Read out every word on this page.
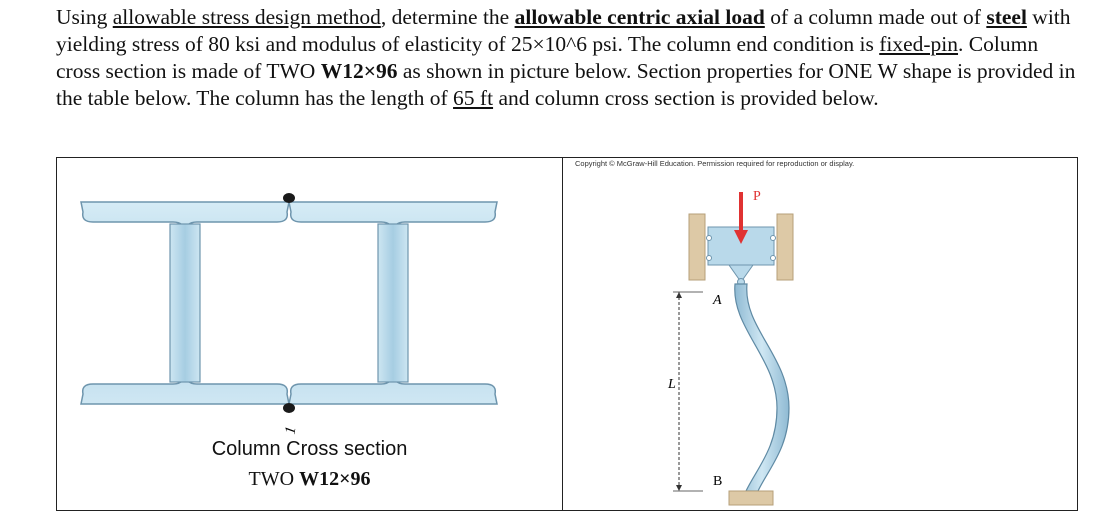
Using allowable stress design method, determine the allowable centric axial load of a column made out of steel with yielding stress of 80 ksi and modulus of elasticity of 25×10^6 psi. The column end condition is fixed-pin. Column cross section is made of TWO W12×96 as shown in picture below. Section properties for ONE W shape is provided in the table below. The column has the length of 65 ft and column cross section is provided below.
1
Column Cross section
TWO W12×96
Copyright © McGraw-Hill Education. Permission required for reproduction or display.
P
A
L
B
